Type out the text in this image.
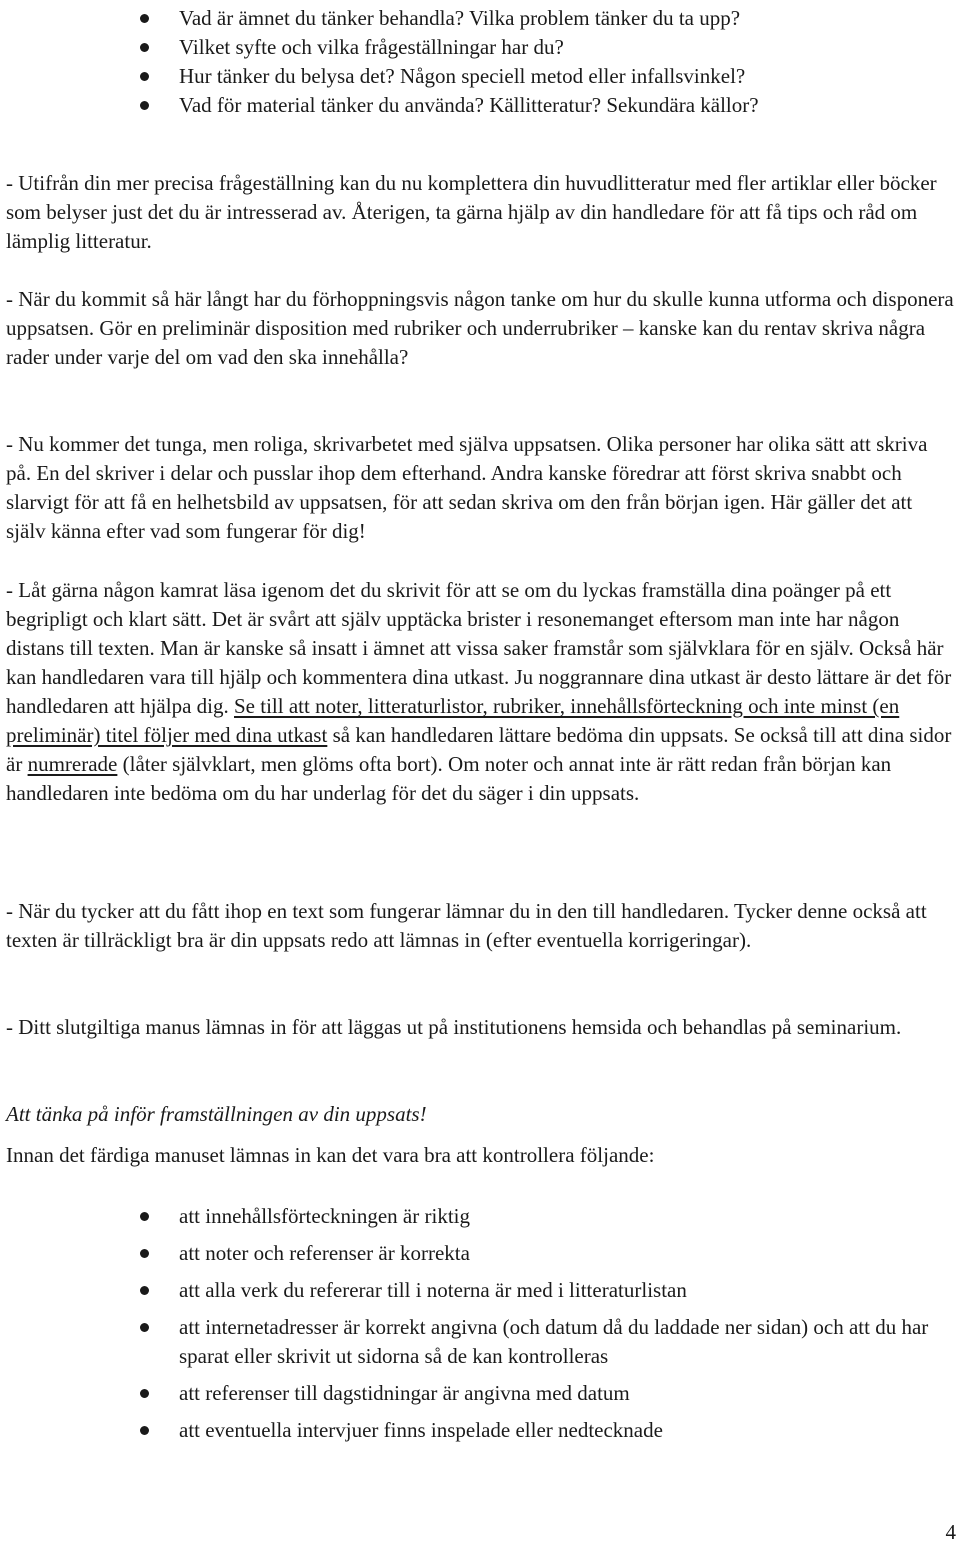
Vad är ämnet du tänker behandla? Vilka problem tänker du ta upp?
Vilket syfte och vilka frågeställningar har du?
Hur tänker du belysa det? Någon speciell metod eller infallsvinkel?
Vad för material tänker du använda? Källitteratur? Sekundära källor?

- Utifrån din mer precisa frågeställning kan du nu komplettera din huvudlitteratur med fler artiklar eller böcker som belyser just det du är intresserad av. Återigen, ta gärna hjälp av din handledare för att få tips och råd om lämplig litteratur.

- När du kommit så här långt har du förhoppningsvis någon tanke om hur du skulle kunna utforma och disponera uppsatsen. Gör en preliminär disposition med rubriker och underrubriker – kanske kan du rentav skriva några rader under varje del om vad den ska innehålla?

- Nu kommer det tunga, men roliga, skrivarbetet med själva uppsatsen. Olika personer har olika sätt att skriva på. En del skriver i delar och pusslar ihop dem efterhand. Andra kanske föredrar att först skriva snabbt och slarvigt för att få en helhetsbild av uppsatsen, för att sedan skriva om den från början igen. Här gäller det att själv känna efter vad som fungerar för dig!

- Låt gärna någon kamrat läsa igenom det du skrivit för att se om du lyckas framställa dina poänger på ett begripligt och klart sätt. Det är svårt att själv upptäcka brister i resonemanget eftersom man inte har någon distans till texten. Man är kanske så insatt i ämnet att vissa saker framstår som självklara för en själv. Också här kan handledaren vara till hjälp och kommentera dina utkast. Ju noggrannare dina utkast är desto lättare är det för handledaren att hjälpa dig. Se till att noter, litteraturlistor, rubriker, innehållsförteckning och inte minst (en preliminär) titel följer med dina utkast så kan handledaren lättare bedöma din uppsats. Se också till att dina sidor är numrerade (låter självklart, men glöms ofta bort). Om noter och annat inte är rätt redan från början kan handledaren inte bedöma om du har underlag för det du säger i din uppsats.

- När du tycker att du fått ihop en text som fungerar lämnar du in den till handledaren. Tycker denne också att texten är tillräckligt bra är din uppsats redo att lämnas in (efter eventuella korrigeringar).

- Ditt slutgiltiga manus lämnas in för att läggas ut på institutionens hemsida och behandlas på seminarium.

Att tänka på inför framställningen av din uppsats!

Innan det färdiga manuset lämnas in kan det vara bra att kontrollera följande:

att innehållsförteckningen är riktig
att noter och referenser är korrekta
att alla verk du refererar till i noterna är med i litteraturlistan
att internetadresser är korrekt angivna (och datum då du laddade ner sidan) och att du har sparat eller skrivit ut sidorna så de kan kontrolleras
att referenser till dagstidningar är angivna med datum
att eventuella intervjuer finns inspelade eller nedtecknade
4
